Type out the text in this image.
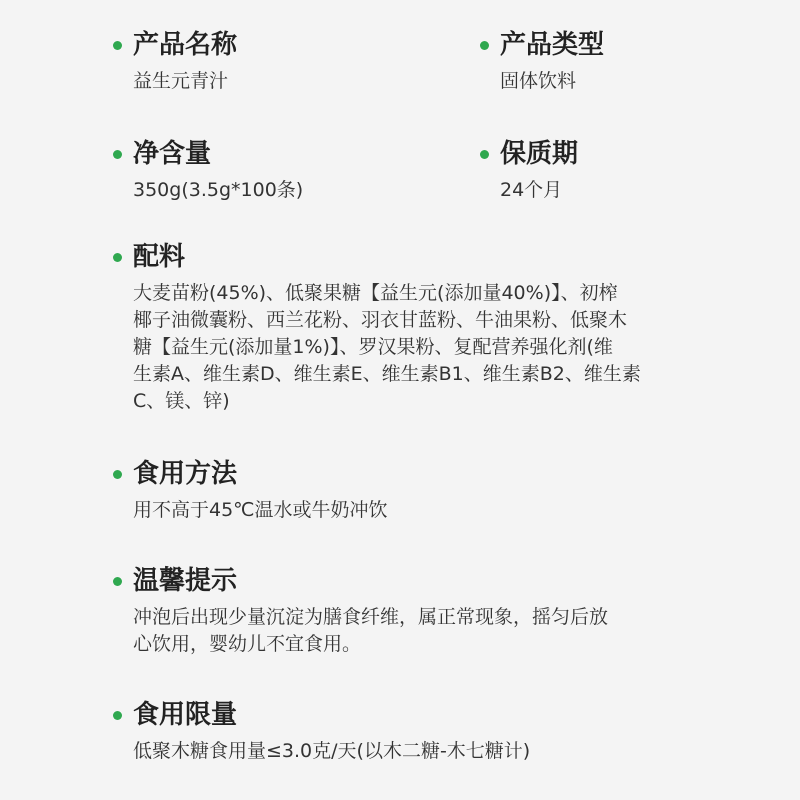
产品名称
益生元青汁
产品类型
固体饮料
净含量
350g(3.5g*100条)
保质期
24个月
配料
大麦苗粉(45%)、低聚果糖【益生元(添加量40%)】、初榨
椰子油微囊粉、西兰花粉、羽衣甘蓝粉、牛油果粉、低聚木
糖【益生元(添加量1%)】、罗汉果粉、复配营养强化剂(维
生素A、维生素D、维生素E、维生素B1、维生素B2、维生素
C、镁、锌)
食用方法
用不高于45℃温水或牛奶冲饮
温馨提示
冲泡后出现少量沉淀为膳食纤维，属正常现象，摇匀后放
心饮用，婴幼儿不宜食用。
食用限量
低聚木糖食用量≤3.0克/天(以木二糖-木七糖计)
